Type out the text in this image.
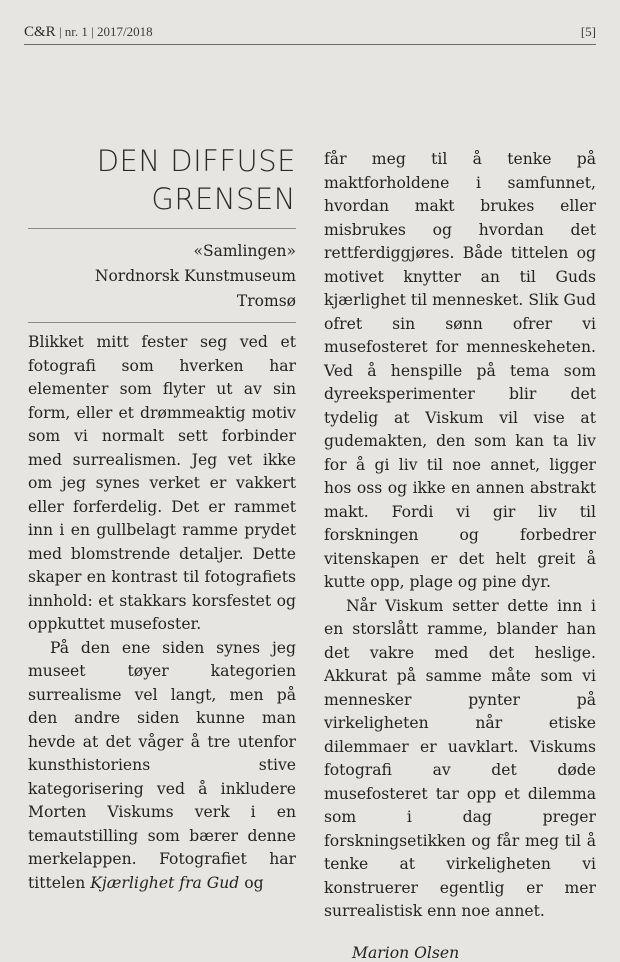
C&R | nr. 1 | 2017/2018	[5]
DEN DIFFUSE
GRENSEN
«Samlingen»
Nordnorsk Kunstmuseum
Tromsø

Blikket mitt fester seg ved et fotografi som hverken har elementer som flyter ut av sin form, eller et drømmeaktig motiv som vi normalt sett forbinder med surrealismen. Jeg vet ikke om jeg synes verket er vakkert eller forferdelig. Det er rammet inn i en gullbelagt ramme prydet med blomstrende detaljer. Dette skaper en kontrast til fotografiets innhold: et stakkars korsfestet og oppkuttet musefoster.

På den ene siden synes jeg museet tøyer kategorien surrealisme vel langt, men på den andre siden kunne man hevde at det våger å tre utenfor kunsthistoriens stive kategorisering ved å inkludere Morten Viskums verk i en temautstilling som bærer denne merkelappen. Fotografiet har tittelen Kjærlighet fra Gud og

får meg til å tenke på maktforholdene i samfunnet, hvordan makt brukes eller misbrukes og hvordan det rettferdiggjøres. Både tittelen og motivet knytter an til Guds kjærlighet til mennesket. Slik Gud ofret sin sønn ofrer vi musefosteret for menneskeheten. Ved å henspille på tema som dyreeksperimenter blir det tydelig at Viskum vil vise at gudemakten, den som kan ta liv for å gi liv til noe annet, ligger hos oss og ikke en annen abstrakt makt. Fordi vi gir liv til forskningen og forbedrer vitenskapen er det helt greit å kutte opp, plage og pine dyr.

Når Viskum setter dette inn i en storslått ramme, blander han det vakre med det heslige. Akkurat på samme måte som vi mennesker pynter på virkeligheten når etiske dilemmaer er uavklart. Viskums fotografi av det døde musefosteret tar opp et dilemma som i dag preger forskningsetikken og får meg til å tenke at virkeligheten vi konstruerer egentlig er mer surrealistisk enn noe annet.

Marion Olsen
